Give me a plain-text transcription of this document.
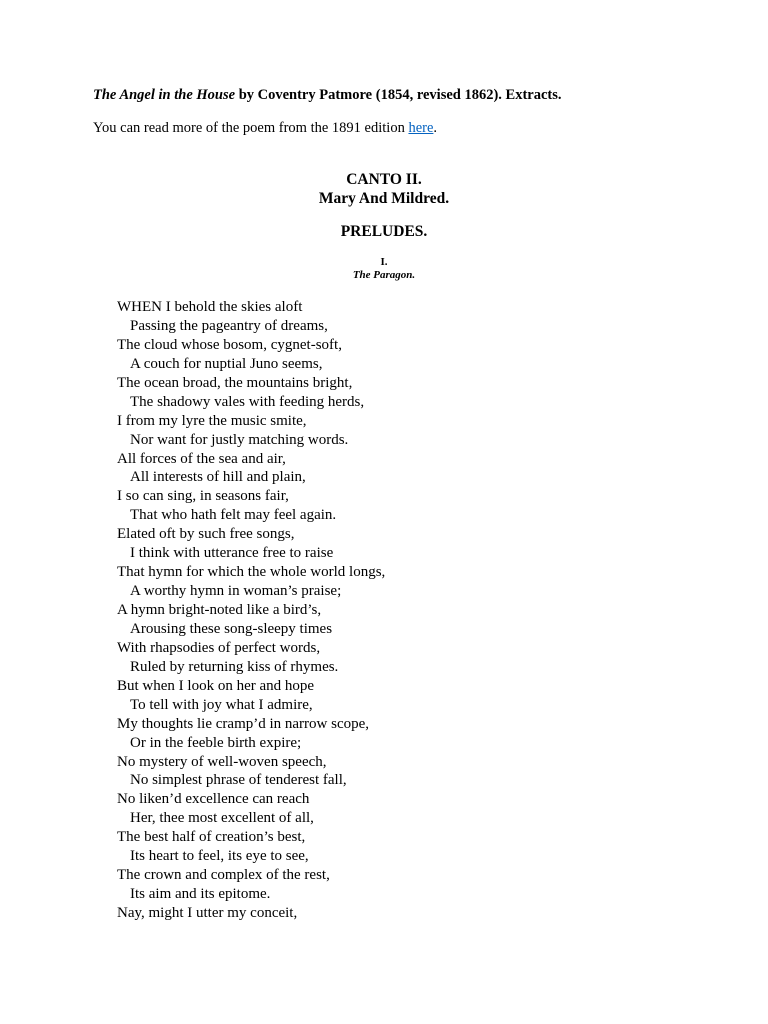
The Angel in the House by Coventry Patmore (1854, revised 1862). Extracts.
You can read more of the poem from the 1891 edition here.
CANTO II.
Mary And Mildred.
PRELUDES.
I.
The Paragon.
WHEN I behold the skies aloft
Passing the pageantry of dreams,
The cloud whose bosom, cygnet-soft,
A couch for nuptial Juno seems,
The ocean broad, the mountains bright,
The shadowy vales with feeding herds,
I from my lyre the music smite,
Nor want for justly matching words.
All forces of the sea and air,
All interests of hill and plain,
I so can sing, in seasons fair,
That who hath felt may feel again.
Elated oft by such free songs,
I think with utterance free to raise
That hymn for which the whole world longs,
A worthy hymn in woman’s praise;
A hymn bright-noted like a bird’s,
Arousing these song-sleepy times
With rhapsodies of perfect words,
Ruled by returning kiss of rhymes.
But when I look on her and hope
To tell with joy what I admire,
My thoughts lie cramp’d in narrow scope,
Or in the feeble birth expire;
No mystery of well-woven speech,
No simplest phrase of tenderest fall,
No liken’d excellence can reach
Her, thee most excellent of all,
The best half of creation’s best,
Its heart to feel, its eye to see,
The crown and complex of the rest,
Its aim and its epitome.
Nay, might I utter my conceit,
